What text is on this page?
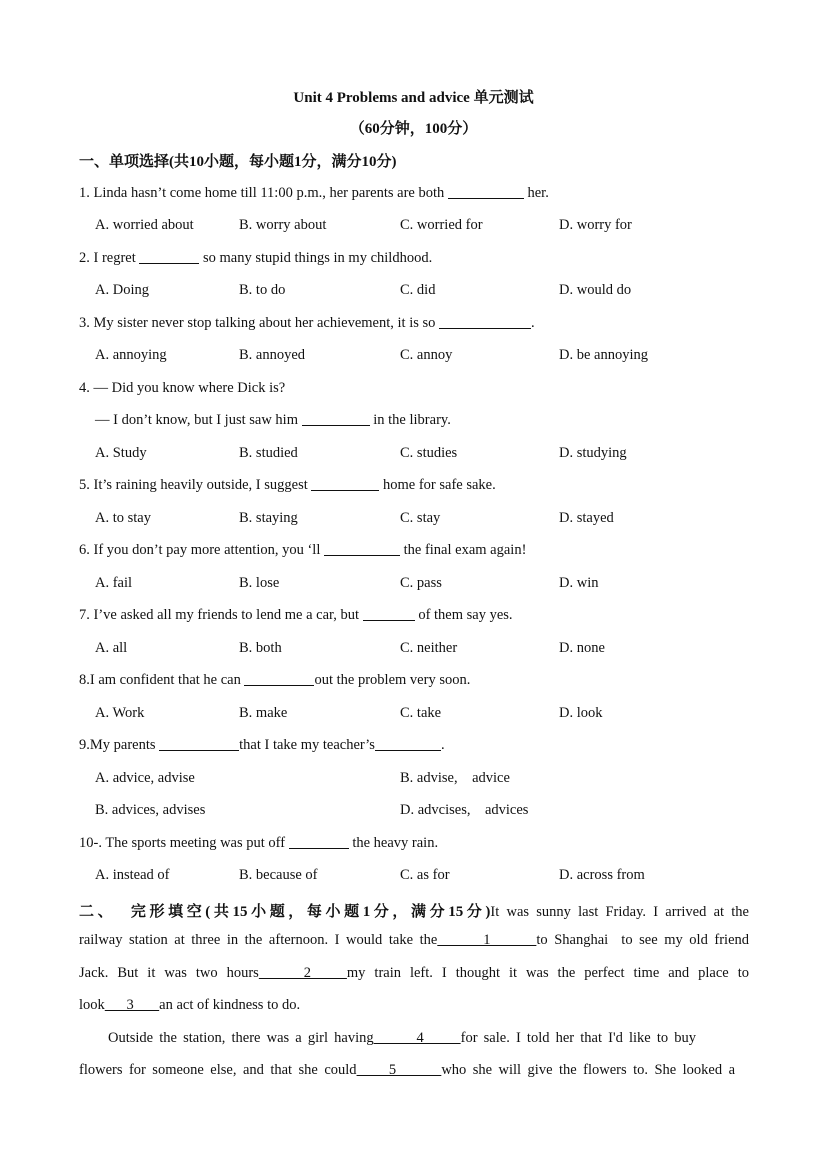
Unit 4 Problems and advice 单元测试
（60分钟，100分）
一、单项选择(共10小题，每小题1分，满分10分)
1. Linda hasn’t come home till 11:00 p.m., her parents are both	her.
A. worried about	B. worry about	C. worried for	D. worry for
2. I regret	so many stupid things in my childhood.
A. Doing	B. to do	C. did	D. would do
3. My sister never stop talking about her achievement, it is so	.
A. annoying	B. annoyed	C. annoy	D. be annoying
4. — Did you know where Dick is?
— I don’t know, but I just saw him	in the library.
A. Study	B. studied	C. studies	D. studying
5. It’s raining heavily outside, I suggest	home for safe sake.
A. to stay	B. staying	C. stay	D. stayed
6. If you don’t pay more attention, you ‘ll	the final exam again!
A. fail	B. lose	C. pass	D. win
7. I’ve asked all my friends to lend me a car, but	of them say yes.
A. all	B. both	C. neither	D. none
8.I am confident that he can	out the problem very soon.
A. Work	B. make	C. take	D. look
9.My parents	that I take my teacher’s	.
A. advice, advise	B. advise,    advice
B. advices, advises	D. advcises,    advices
10-. The sports meeting was put off	the heavy rain.
A. instead of	B. because of	C. as for	D. across from
二、  完形填空(共15小题，每小题1分，满分15分)It was sunny last Friday. I arrived at the
railway station at three in the afternoon. I would take the       1       to Shanghai  to see my old friend
Jack. But it was two hours     2    my train left. I thought it was the perfect time and place to
look      3       an act of kindness to do.
Outside the station, there was a girl having       4      for sale. I told her that I'd like to buy
flowers for someone else, and that she could     5       who she will give the flowers to. She looked a
